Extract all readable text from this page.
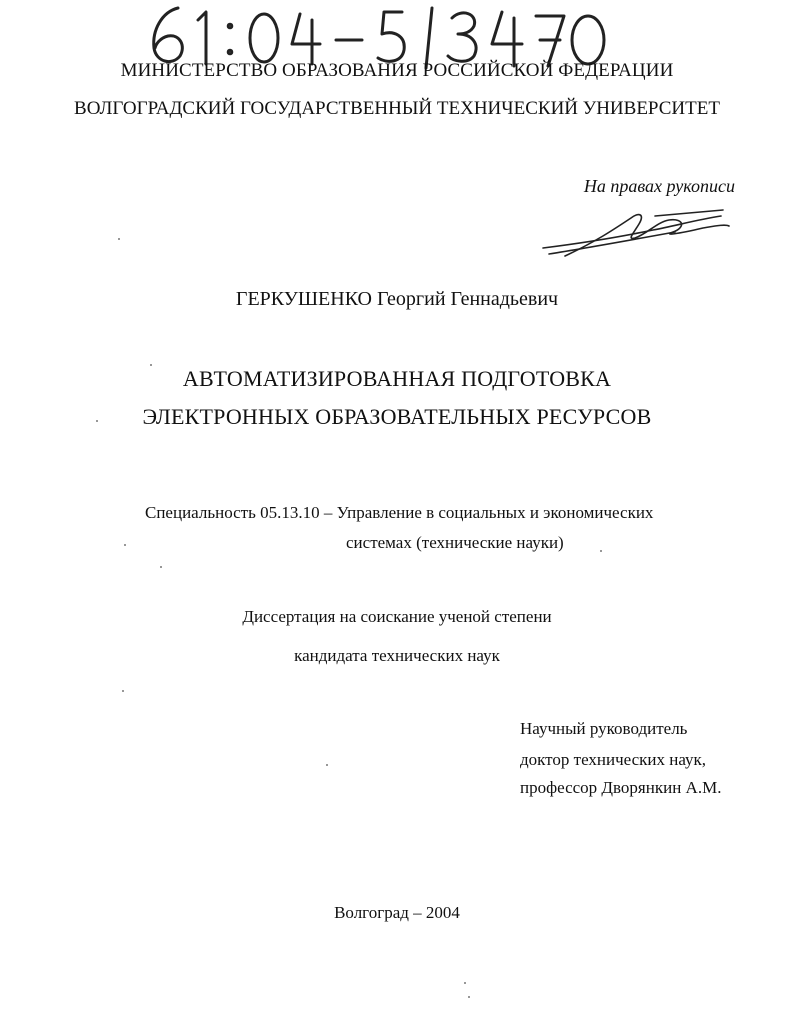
МИНИСТЕРСТВО ОБРАЗОВАНИЯ РОССИЙСКОЙ ФЕДЕРАЦИИ
ВОЛГОГРАДСКИЙ ГОСУДАРСТВЕННЫЙ ТЕХНИЧЕСКИЙ УНИВЕРСИТЕТ
На правах рукописи
ГЕРКУШЕНКО Георгий Геннадьевич
АВТОМАТИЗИРОВАННАЯ ПОДГОТОВКА
ЭЛЕКТРОННЫХ ОБРАЗОВАТЕЛЬНЫХ РЕСУРСОВ
Специальность 05.13.10 – Управление в социальных и экономических
системах (технические науки)
Диссертация на соискание ученой степени
кандидата технических наук
Научный руководитель
доктор технических наук,
профессор Дворянкин А.М.
Волгоград – 2004
